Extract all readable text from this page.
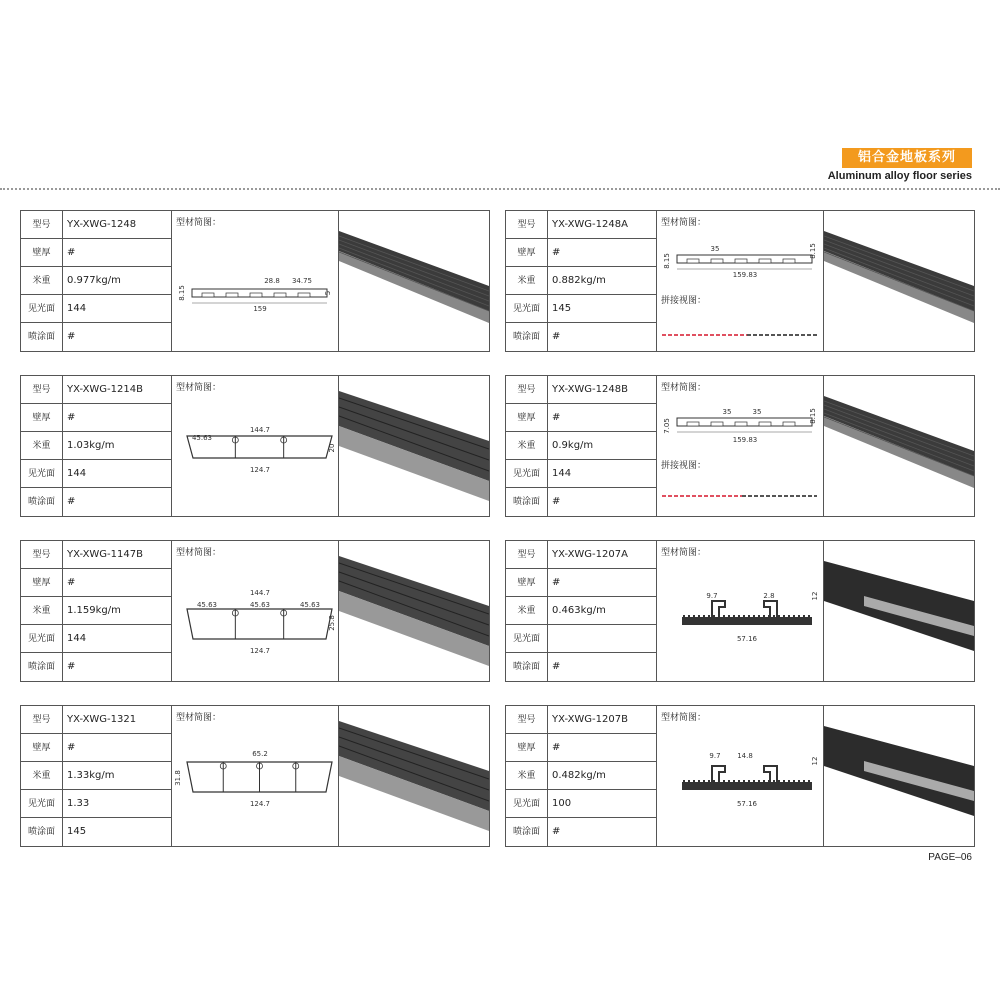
铝合金地板系列
Aluminum alloy floor series
型号	YX-XWG-1248
壁厚	#
米重	0.977kg/m
见光面	144
喷涂面	#
型材简图：
159
28.8 34.75
8.15	5
型号	YX-XWG-1248A
壁厚	#
米重	0.882kg/m
见光面	145
喷涂面	#
型材简图：
拼接视图：
159.83
35
8.15
8.15
型号	YX-XWG-1214B
壁厚	#
米重	1.03kg/m
见光面	144
喷涂面	#
型材简图：
144.7
45.63
124.7
20
型号	YX-XWG-1248B
壁厚	#
米重	0.9kg/m
见光面	144
喷涂面	#
型材简图：
拼接视图：
159.83
35	35
7.05
8.15
型号	YX-XWG-1147B
壁厚	#
米重	1.159kg/m
见光面	144
喷涂面	#
型材简图：
144.7
45.63	45.63	45.63
124.7
25.8
型号	YX-XWG-1207A
壁厚	#
米重	0.463kg/m
见光面
喷涂面	#
型材简图：
9.7	2.8
57.16
12
型号	YX-XWG-1321
壁厚	#
米重	1.33kg/m
见光面	1.33
喷涂面	145
型材简图：
65.2
124.7
31.8
型号	YX-XWG-1207B
壁厚	#
米重	0.482kg/m
见光面	100
喷涂面	#
型材简图：
9.7 14.8
57.16
12
PAGE–06
